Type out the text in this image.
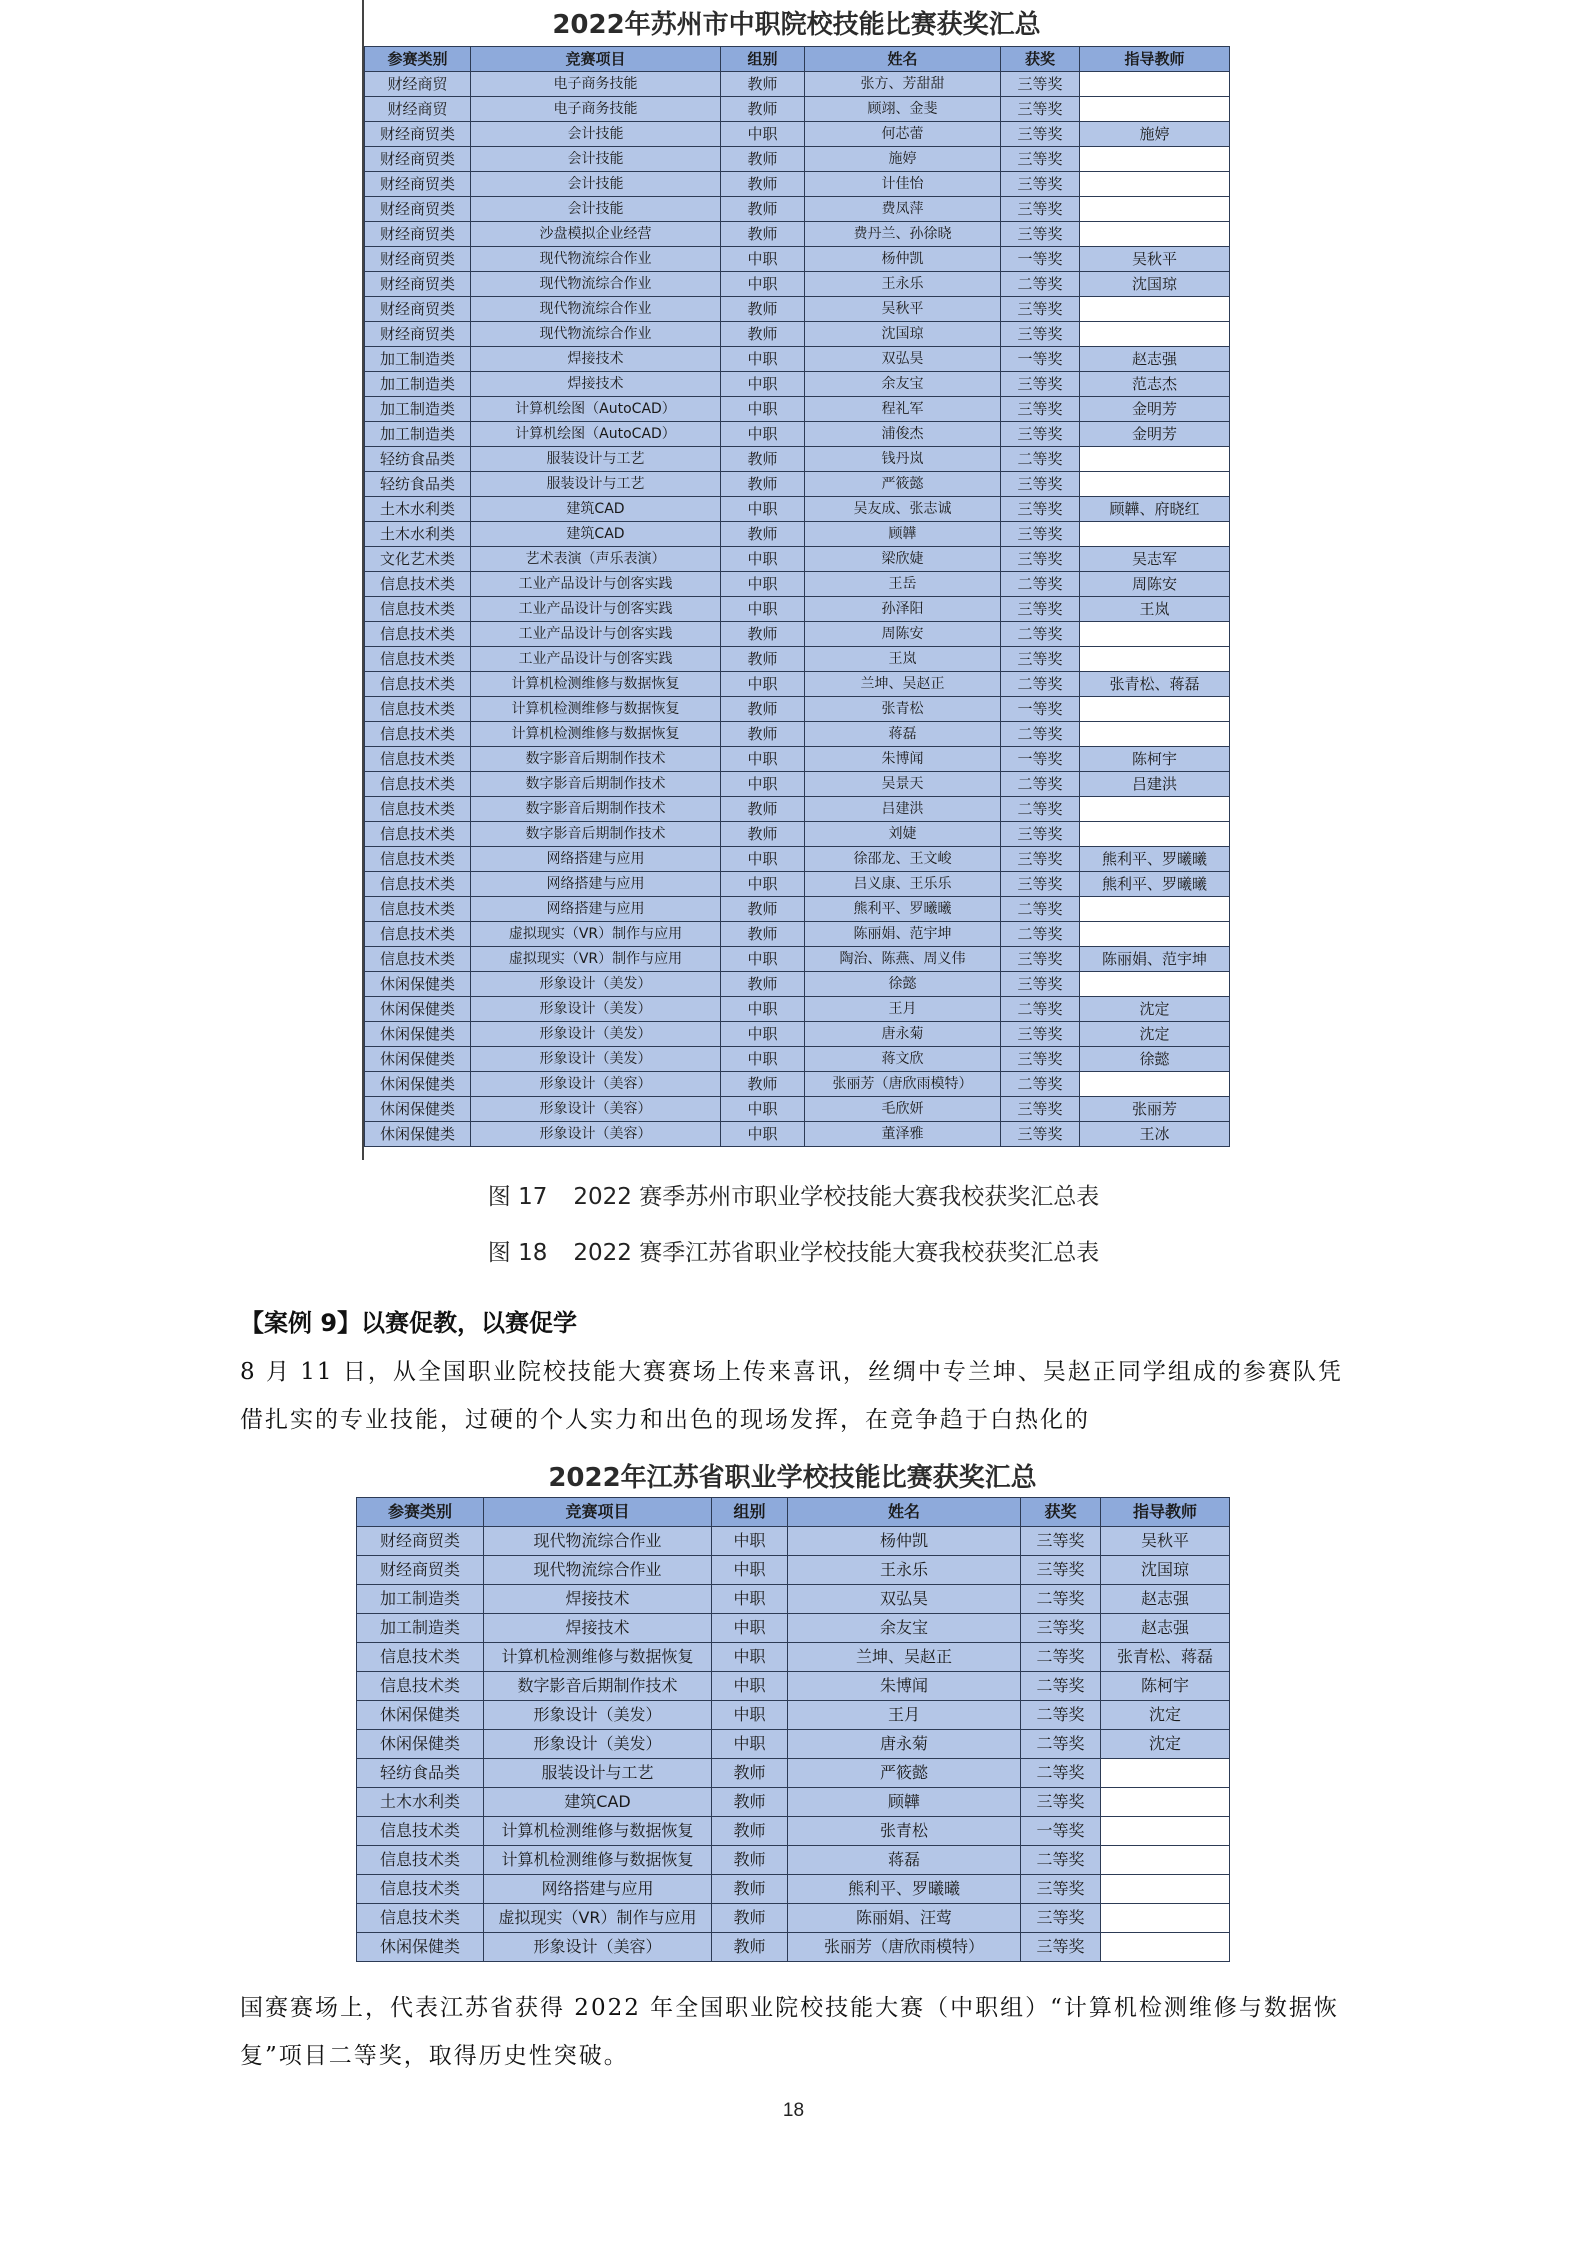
2022年苏州市中职院校技能比赛获奖汇总
参赛类别	竞赛项目	组别	姓名	获奖	指导教师
财经商贸	电子商务技能	教师	张方、芳甜甜	三等奖	
财经商贸	电子商务技能	教师	顾翊、金斐	三等奖	
财经商贸类	会计技能	中职	何芯蕾	三等奖	施婷
财经商贸类	会计技能	教师	施婷	三等奖	
财经商贸类	会计技能	教师	计佳怡	三等奖	
财经商贸类	会计技能	教师	费凤萍	三等奖	
财经商贸类	沙盘模拟企业经营	教师	费丹兰、孙徐晓	三等奖	
财经商贸类	现代物流综合作业	中职	杨仲凯	一等奖	吴秋平
财经商贸类	现代物流综合作业	中职	王永乐	二等奖	沈国琼
财经商贸类	现代物流综合作业	教师	吴秋平	三等奖	
财经商贸类	现代物流综合作业	教师	沈国琼	三等奖	
加工制造类	焊接技术	中职	双弘昊	一等奖	赵志强
加工制造类	焊接技术	中职	余友宝	三等奖	范志杰
加工制造类	计算机绘图（AutoCAD）	中职	程礼军	三等奖	金明芳
加工制造类	计算机绘图（AutoCAD）	中职	浦俊杰	三等奖	金明芳
轻纺食品类	服装设计与工艺	教师	钱丹岚	二等奖	
轻纺食品类	服装设计与工艺	教师	严筱懿	三等奖	
土木水利类	建筑CAD	中职	吴友成、张志诚	三等奖	顾韡、府晓红
土木水利类	建筑CAD	教师	顾韡	三等奖	
文化艺术类	艺术表演（声乐表演）	中职	梁欣婕	三等奖	吴志军
信息技术类	工业产品设计与创客实践	中职	王岳	二等奖	周陈安
信息技术类	工业产品设计与创客实践	中职	孙泽阳	三等奖	王岚
信息技术类	工业产品设计与创客实践	教师	周陈安	二等奖	
信息技术类	工业产品设计与创客实践	教师	王岚	三等奖	
信息技术类	计算机检测维修与数据恢复	中职	兰坤、吴赵正	二等奖	张青松、蒋磊
信息技术类	计算机检测维修与数据恢复	教师	张青松	一等奖	
信息技术类	计算机检测维修与数据恢复	教师	蒋磊	二等奖	
信息技术类	数字影音后期制作技术	中职	朱博闻	一等奖	陈柯宇
信息技术类	数字影音后期制作技术	中职	吴景天	二等奖	吕建洪
信息技术类	数字影音后期制作技术	教师	吕建洪	二等奖	
信息技术类	数字影音后期制作技术	教师	刘婕	三等奖	
信息技术类	网络搭建与应用	中职	徐邵龙、王文峻	三等奖	熊利平、罗曦曦
信息技术类	网络搭建与应用	中职	吕义康、王乐乐	三等奖	熊利平、罗曦曦
信息技术类	网络搭建与应用	教师	熊利平、罗曦曦	二等奖	
信息技术类	虚拟现实（VR）制作与应用	教师	陈丽娟、范宇坤	二等奖	
信息技术类	虚拟现实（VR）制作与应用	中职	陶治、陈燕、周义伟	三等奖	陈丽娟、范宇坤
休闲保健类	形象设计（美发）	教师	徐懿	三等奖	
休闲保健类	形象设计（美发）	中职	王月	二等奖	沈定
休闲保健类	形象设计（美发）	中职	唐永菊	三等奖	沈定
休闲保健类	形象设计（美发）	中职	蒋文欣	三等奖	徐懿
休闲保健类	形象设计（美容）	教师	张丽芳（唐欣雨模特）	二等奖	
休闲保健类	形象设计（美容）	中职	毛欣妍	三等奖	张丽芳
休闲保健类	形象设计（美容）	中职	董泽雅	三等奖	王冰
图 17 2022 赛季苏州市职业学校技能大赛我校获奖汇总表
图 18 2022 赛季江苏省职业学校技能大赛我校获奖汇总表
【案例 9】以赛促教，以赛促学
8 月 11 日，从全国职业院校技能大赛赛场上传来喜讯，丝绸中专兰坤、吴赵正同学组成的参赛队凭借扎实的专业技能，过硬的个人实力和出色的现场发挥，在竞争趋于白热化的
2022年江苏省职业学校技能比赛获奖汇总
参赛类别	竞赛项目	组别	姓名	获奖	指导教师
财经商贸类	现代物流综合作业	中职	杨仲凯	三等奖	吴秋平
财经商贸类	现代物流综合作业	中职	王永乐	三等奖	沈国琼
加工制造类	焊接技术	中职	双弘昊	二等奖	赵志强
加工制造类	焊接技术	中职	余友宝	三等奖	赵志强
信息技术类	计算机检测维修与数据恢复	中职	兰坤、吴赵正	二等奖	张青松、蒋磊
信息技术类	数字影音后期制作技术	中职	朱博闻	二等奖	陈柯宇
休闲保健类	形象设计（美发）	中职	王月	二等奖	沈定
休闲保健类	形象设计（美发）	中职	唐永菊	二等奖	沈定
轻纺食品类	服装设计与工艺	教师	严筱懿	二等奖	
土木水利类	建筑CAD	教师	顾韡	三等奖	
信息技术类	计算机检测维修与数据恢复	教师	张青松	一等奖	
信息技术类	计算机检测维修与数据恢复	教师	蒋磊	二等奖	
信息技术类	网络搭建与应用	教师	熊利平、罗曦曦	三等奖	
信息技术类	虚拟现实（VR）制作与应用	教师	陈丽娟、汪莺	三等奖	
休闲保健类	形象设计（美容）	教师	张丽芳（唐欣雨模特）	三等奖	
国赛赛场上，代表江苏省获得 2022 年全国职业院校技能大赛（中职组）“计算机检测维修与数据恢复”项目二等奖，取得历史性突破。
18
